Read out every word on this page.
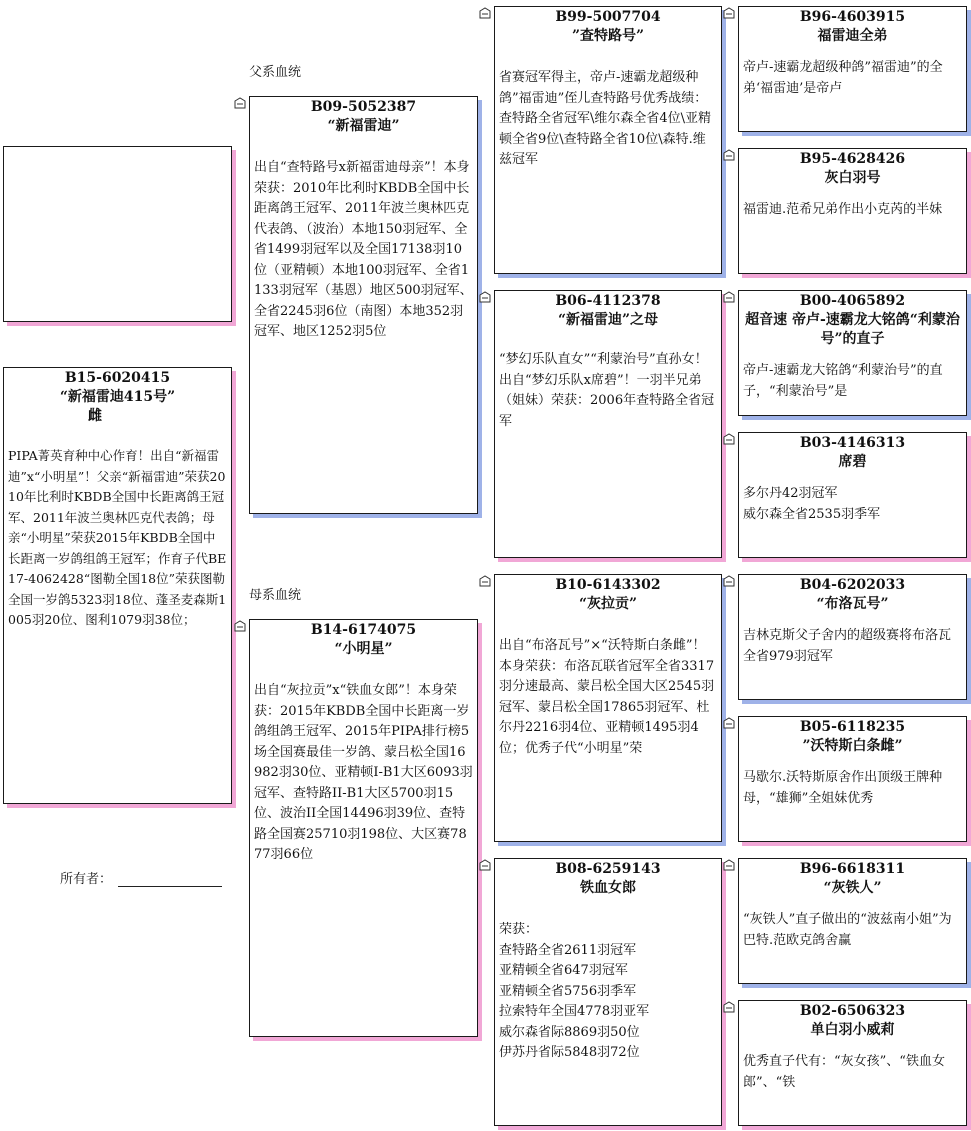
父系血统
母系血统
所有者：
B15-6020415
“新福雷迪415号”
雌
PIPA菁英育种中心作育！出自“新福雷迪”x“小明星”！父亲“新福雷迪”荣获2010年比利时KBDB全国中长距离鸽王冠军、2011年波兰奥林匹克代表鸽；母亲“小明星”荣获2015年KBDB全国中长距离一岁鸽组鸽王冠军；作育子代BE17-4062428“图勒全国18位”荣获图勒全国一岁鸽5323羽18位、蓬圣麦森斯1005羽20位、图利1079羽38位；
B09-5052387
“新福雷迪”
出自“查特路号x新福雷迪母亲”！本身荣获：2010年比利时KBDB全国中长距离鸽王冠军、2011年波兰奥林匹克代表鸽、（波治）本地150羽冠军、全省1499羽冠军以及全国17138羽10位（亚精顿）本地100羽冠军、全省1133羽冠军（基恩）地区500羽冠军、全省2245羽6位（南图）本地352羽冠军、地区1252羽5位
B14-6174075
“小明星”
出自“灰拉贡”x“铁血女郎”！本身荣获：2015年KBDB全国中长距离一岁鸽组鸽王冠军、2015年PIPA排行榜5场全国赛最佳一岁鸽、蒙吕松全国16982羽30位、亚精顿I-B1大区6093羽冠军、查特路II-B1大区5700羽15位、波治II全国14496羽39位、查特路全国赛25710羽198位、大区赛7877羽66位
B99-5007704
”查特路号”
省赛冠军得主，帝卢-速霸龙超级种鸽”福雷迪”侄儿查特路号优秀战绩：查特路全省冠军\维尔森全省4位\亚精顿全省9位\查特路全省10位\森特.维兹冠军
B06-4112378
“新福雷迪”之母
“梦幻乐队直女”“利蒙治号”直孙女！出自“梦幻乐队x席碧”！一羽半兄弟（姐妹）荣获：2006年查特路全省冠军
B10-6143302
“灰拉贡”
出自“布洛瓦号”×“沃特斯白条雌”！本身荣获：布洛瓦联省冠军全省3317羽分速最高、蒙吕松全国大区2545羽冠军、蒙吕松全国17865羽冠军、杜尔丹2216羽4位、亚精顿1495羽4位；优秀子代“小明星”荣
B08-6259143
铁血女郎
荣获：
查特路全省2611羽冠军
亚精顿全省647羽冠军
亚精顿全省5756羽季军
拉索特年全国4778羽亚军
威尔森省际8869羽50位
伊苏丹省际5848羽72位
B96-4603915
福雷迪全弟
帝卢-速霸龙超级种鸽”福雷迪”的全弟‘福雷迪’是帝卢
B95-4628426
灰白羽号
福雷迪.范希兄弟作出小克芮的半妹
B00-4065892
超音速 帝卢-速霸龙大铭鸽“利蒙治号”的直子
帝卢-速霸龙大铭鸽“利蒙治号”的直子，“利蒙治号”是
B03-4146313
席碧
多尔丹42羽冠军
威尔森全省2535羽季军
B04-6202033
“布洛瓦号”
吉林克斯父子舍内的超级赛将布洛瓦全省979羽冠军
B05-6118235
”沃特斯白条雌”
马歇尔.沃特斯原舍作出顶级王牌种母，“雄狮”全姐妹优秀
B96-6618311
“灰铁人”
“灰铁人”直子做出的“波兹南小姐”为巴特.范欧克鸽舍赢
B02-6506323
单白羽小威莉
优秀直子代有：“灰女孩”、“铁血女郎”、“铁
